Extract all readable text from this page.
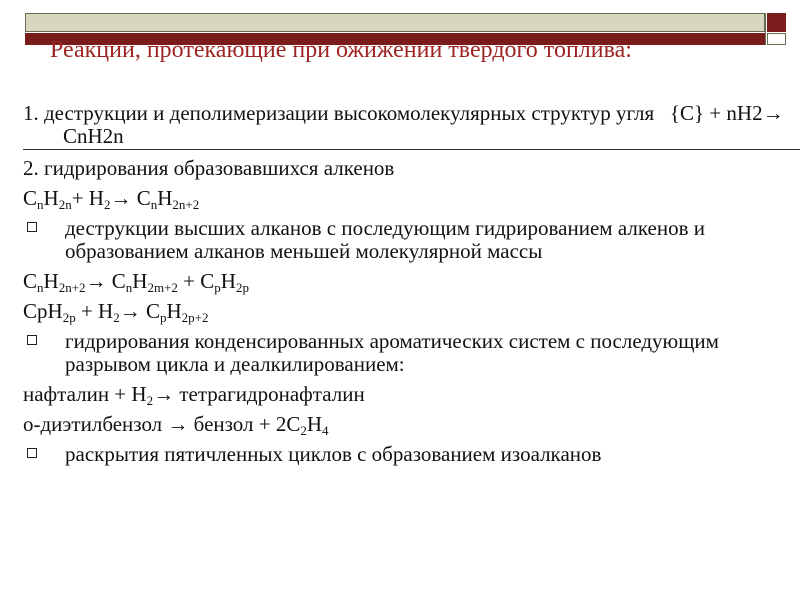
Реакции, протекающие при ожижении твердого топлива:
1. деструкции и деполимеризации высокомолекулярных структур угля {C} + nH2→ CnH2n
2. гидрирования образовавшихся алкенов
$C_nH_{2n}+ H_2\to C_nH_{2n+2}$
деструкции высших алканов с последующим гидрированием алкенов и образованием алканов меньшей молекулярной массы
$C_nH_{2n+2}\to C_nH_{2m+2} + C_pH_{2p}$
$CpH_{2p} + H_2\to C_pH_{2p+2}$
гидрирования конденсированных ароматических систем с последующим разрывом цикла и деалкилированием:
нафталин + $H_2\to$ тетрагидронафталин
о-диэтилбензол → бензол + $2C_2H_4$
раскрытия пятичленных циклов с образованием изоалканов
